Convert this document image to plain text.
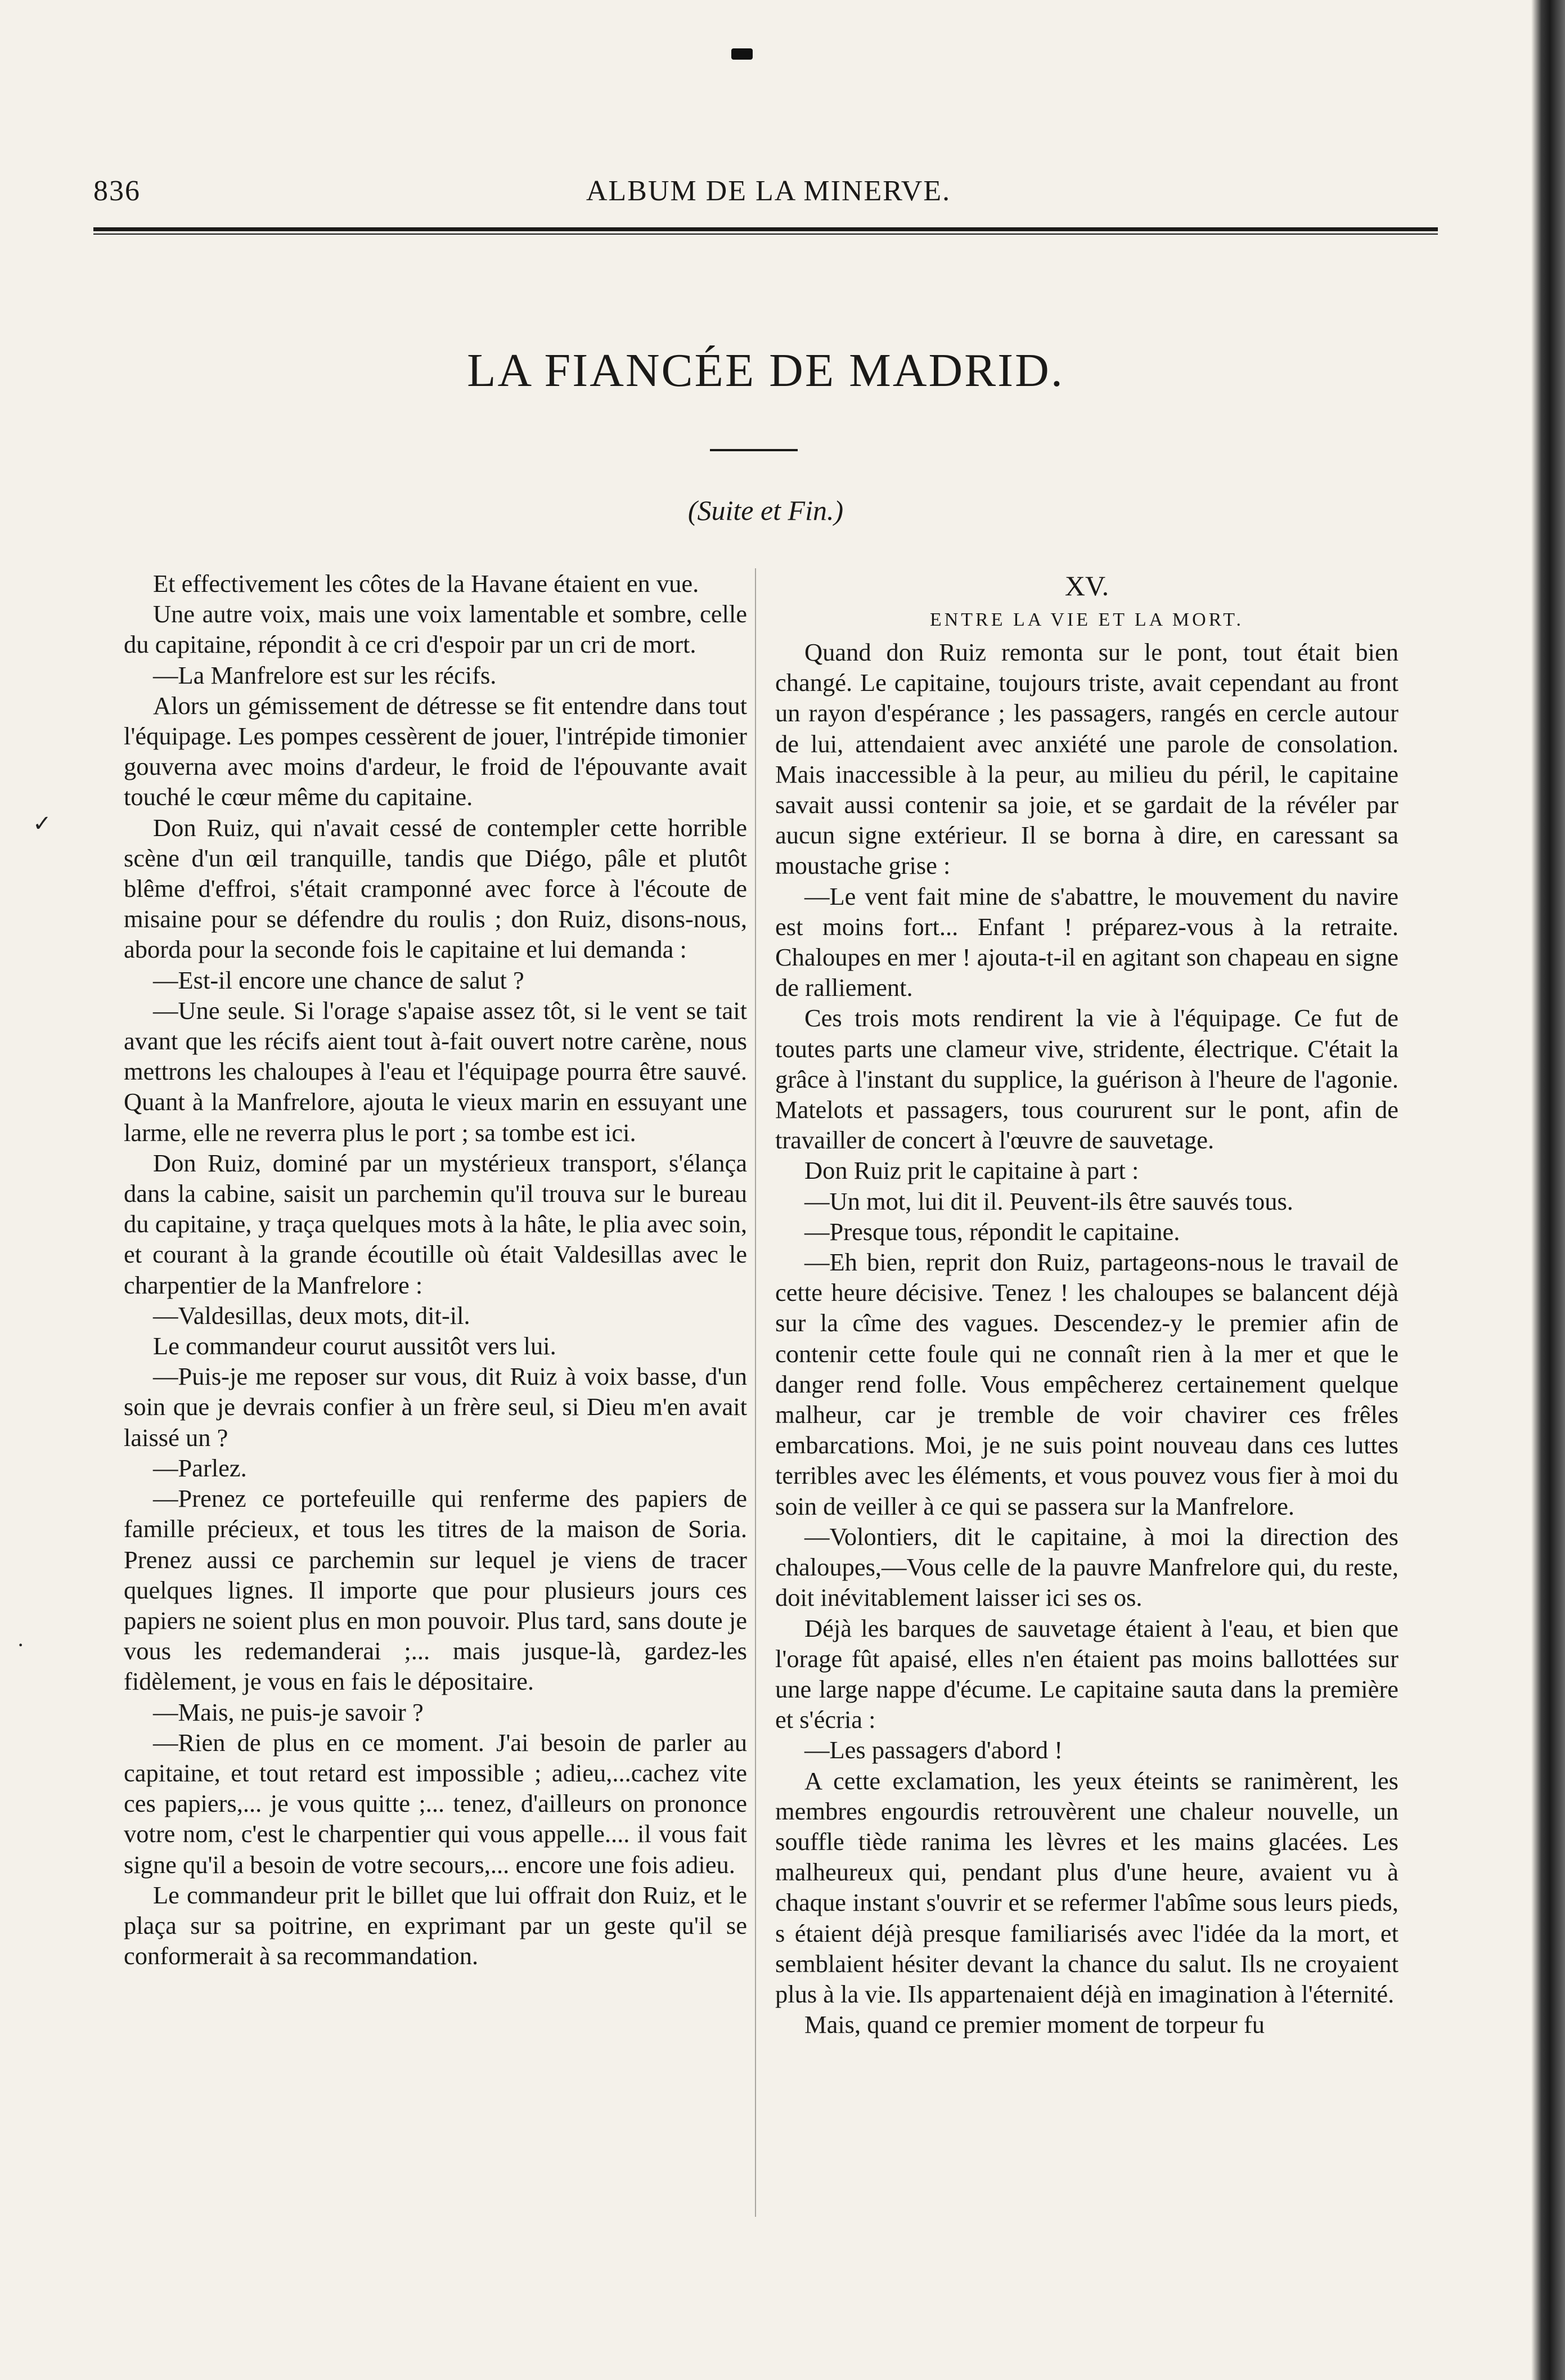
836	ALBUM DE LA MINERVE.
LA FIANCÉE DE MADRID.
(Suite et Fin.)
✓
·

Et effectivement les côtes de la Havane étaient en vue.

Une autre voix, mais une voix lamentable et sombre, celle du capitaine, répondit à ce cri d'espoir par un cri de mort.

—La Manfrelore est sur les récifs.

Alors un gémissement de détresse se fit entendre dans tout l'équipage. Les pompes cessèrent de jouer, l'intrépide timonier gouverna avec moins d'ardeur, le froid de l'épouvante avait touché le cœur même du capitaine.

Don Ruiz, qui n'avait cessé de contempler cette horrible scène d'un œil tranquille, tandis que Diégo, pâle et plutôt blême d'effroi, s'était cramponné avec force à l'écoute de misaine pour se défendre du roulis ; don Ruiz, disons-nous, aborda pour la seconde fois le capitaine et lui demanda :

—Est-il encore une chance de salut ?

—Une seule. Si l'orage s'apaise assez tôt, si le vent se tait avant que les récifs aient tout à-fait ouvert notre carène, nous mettrons les chaloupes à l'eau et l'équipage pourra être sauvé. Quant à la Manfrelore, ajouta le vieux marin en essuyant une larme, elle ne reverra plus le port ; sa tombe est ici.

Don Ruiz, dominé par un mystérieux transport, s'élança dans la cabine, saisit un parchemin qu'il trouva sur le bureau du capitaine, y traça quelques mots à la hâte, le plia avec soin, et courant à la grande écoutille où était Valdesillas avec le charpentier de la Manfrelore :

—Valdesillas, deux mots, dit-il.

Le commandeur courut aussitôt vers lui.

—Puis-je me reposer sur vous, dit Ruiz à voix basse, d'un soin que je devrais confier à un frère seul, si Dieu m'en avait laissé un ?

—Parlez.

—Prenez ce portefeuille qui renferme des papiers de famille précieux, et tous les titres de la maison de Soria. Prenez aussi ce parchemin sur lequel je viens de tracer quelques lignes. Il importe que pour plusieurs jours ces papiers ne soient plus en mon pouvoir. Plus tard, sans doute je vous les redemanderai ;... mais jusque-là, gardez-les fidèlement, je vous en fais le dépositaire.

—Mais, ne puis-je savoir ?

—Rien de plus en ce moment. J'ai besoin de parler au capitaine, et tout retard est impossible ; adieu,...cachez vite ces papiers,... je vous quitte ;... tenez, d'ailleurs on prononce votre nom, c'est le charpentier qui vous appelle.... il vous fait signe qu'il a besoin de votre secours,... encore une fois adieu.

Le commandeur prit le billet que lui offrait don Ruiz, et le plaça sur sa poitrine, en exprimant par un geste qu'il se conformerait à sa recommandation.

XV.

ENTRE LA VIE ET LA MORT.

Quand don Ruiz remonta sur le pont, tout était bien changé. Le capitaine, toujours triste, avait cependant au front un rayon d'espérance ; les passagers, rangés en cercle autour de lui, attendaient avec anxiété une parole de consolation. Mais inaccessible à la peur, au milieu du péril, le capitaine savait aussi contenir sa joie, et se gardait de la révéler par aucun signe extérieur. Il se borna à dire, en caressant sa moustache grise :

—Le vent fait mine de s'abattre, le mouvement du navire est moins fort... Enfant ! préparez-vous à la retraite. Chaloupes en mer ! ajouta-t-il en agitant son chapeau en signe de ralliement.

Ces trois mots rendirent la vie à l'équipage. Ce fut de toutes parts une clameur vive, stridente, électrique. C'était la grâce à l'instant du supplice, la guérison à l'heure de l'agonie. Matelots et passagers, tous coururent sur le pont, afin de travailler de concert à l'œuvre de sauvetage.

Don Ruiz prit le capitaine à part :

—Un mot, lui dit il. Peuvent-ils être sauvés tous.

—Presque tous, répondit le capitaine.

—Eh bien, reprit don Ruiz, partageons-nous le travail de cette heure décisive. Tenez ! les chaloupes se balancent déjà sur la cîme des vagues. Descendez-y le premier afin de contenir cette foule qui ne connaît rien à la mer et que le danger rend folle. Vous empêcherez certainement quelque malheur, car je tremble de voir chavirer ces frêles embarcations. Moi, je ne suis point nouveau dans ces luttes terribles avec les éléments, et vous pouvez vous fier à moi du soin de veiller à ce qui se passera sur la Manfrelore.

—Volontiers, dit le capitaine, à moi la direction des chaloupes,—Vous celle de la pauvre Manfrelore qui, du reste, doit inévitablement laisser ici ses os.

Déjà les barques de sauvetage étaient à l'eau, et bien que l'orage fût apaisé, elles n'en étaient pas moins ballottées sur une large nappe d'écume. Le capitaine sauta dans la première et s'écria :

—Les passagers d'abord !

A cette exclamation, les yeux éteints se ranimèrent, les membres engourdis retrouvèrent une chaleur nouvelle, un souffle tiède ranima les lèvres et les mains glacées. Les malheureux qui, pendant plus d'une heure, avaient vu à chaque instant s'ouvrir et se refermer l'abîme sous leurs pieds, s étaient déjà presque familiarisés avec l'idée da la mort, et semblaient hésiter devant la chance du salut. Ils ne croyaient plus à la vie. Ils appartenaient déjà en imagination à l'éternité.

Mais, quand ce premier moment de torpeur fu
